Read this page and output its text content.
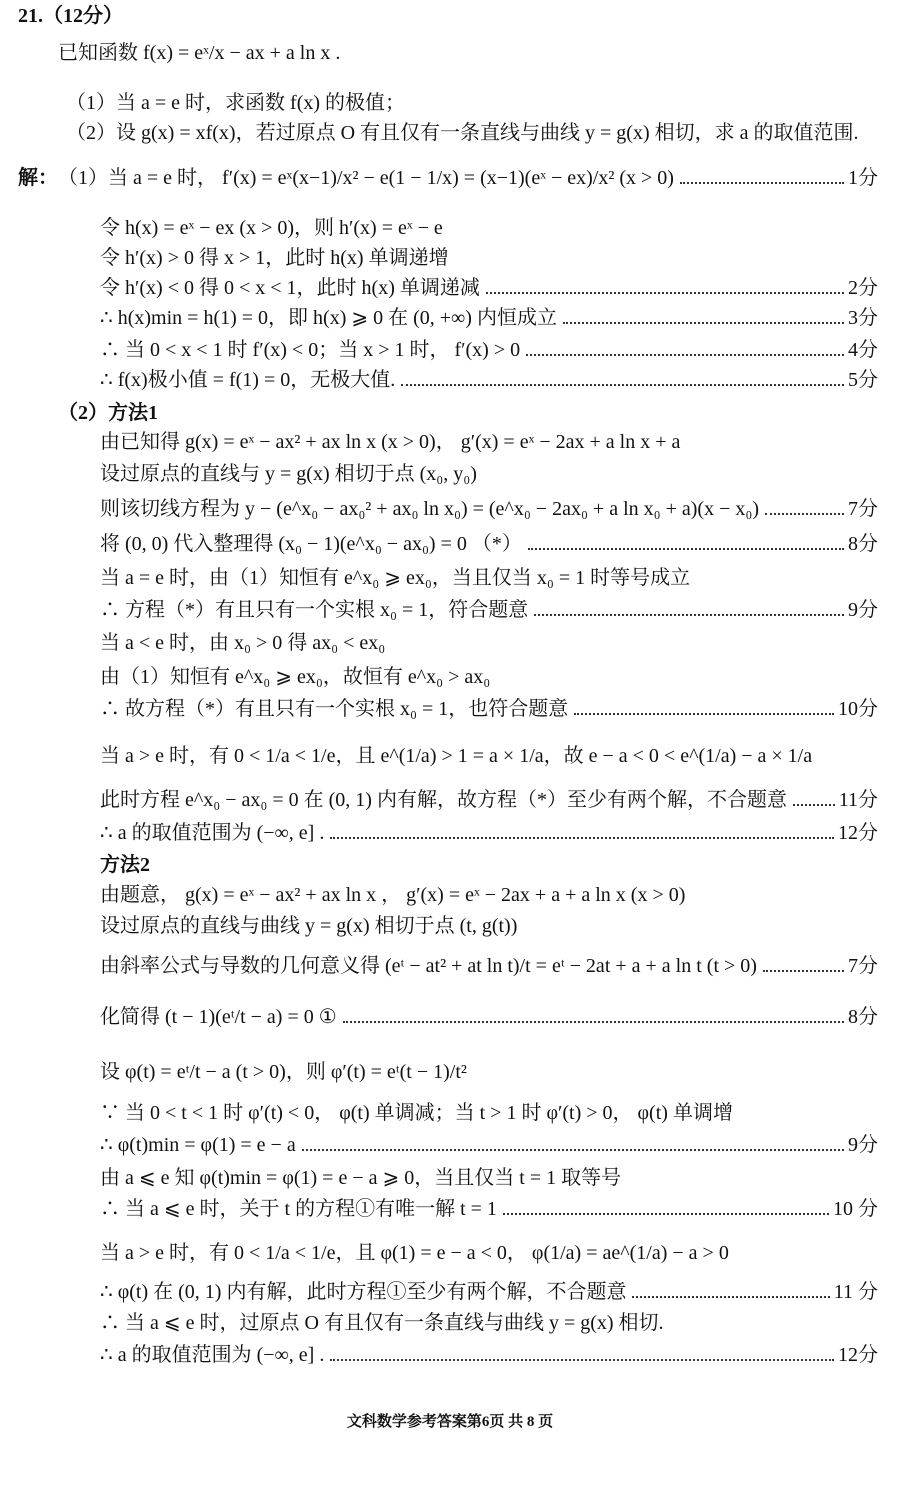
21.（12分）
已知函数 f(x) = eˣ/x − ax + a ln x .
（1）当 a = e 时，求函数 f(x) 的极值；
（2）设 g(x) = xf(x)，若过原点 O 有且仅有一条直线与曲线 y = g(x) 相切，求 a 的取值范围.
解： （1）当 a = e 时， f′(x) = eˣ(x−1)/x² − e(1 − 1/x) = (x−1)(eˣ − ex)/x² (x > 0)	1分
令 h(x) = eˣ − ex (x > 0)，则 h′(x) = eˣ − e
令 h′(x) > 0 得 x > 1，此时 h(x) 单调递增
令 h′(x) < 0 得 0 < x < 1，此时 h(x) 单调递减	2分
∴ h(x)min = h(1) = 0，即 h(x) ⩾ 0 在 (0, +∞) 内恒成立	3分
∴ 当 0 < x < 1 时 f′(x) < 0；当 x > 1 时， f′(x) > 0	4分
∴ f(x)极小值 = f(1) = 0，无极大值.	5分
（2）方法1
由已知得 g(x) = eˣ − ax² + ax ln x (x > 0)， g′(x) = eˣ − 2ax + a ln x + a
设过原点的直线与 y = g(x) 相切于点 (x₀, y₀)
则该切线方程为 y − (e^x₀ − ax₀² + ax₀ ln x₀) = (e^x₀ − 2ax₀ + a ln x₀ + a)(x − x₀)	7分
将 (0, 0) 代入整理得 (x₀ − 1)(e^x₀ − ax₀) = 0 （*）	8分
当 a = e 时，由（1）知恒有 e^x₀ ⩾ ex₀，当且仅当 x₀ = 1 时等号成立
∴ 方程（*）有且只有一个实根 x₀ = 1，符合题意	9分
当 a < e 时，由 x₀ > 0 得 ax₀ < ex₀
由（1）知恒有 e^x₀ ⩾ ex₀，故恒有 e^x₀ > ax₀
∴ 故方程（*）有且只有一个实根 x₀ = 1，也符合题意	10分
当 a > e 时，有 0 < 1/a < 1/e，且 e^(1/a) > 1 = a × 1/a，故 e − a < 0 < e^(1/a) − a × 1/a
此时方程 e^x₀ − ax₀ = 0 在 (0, 1) 内有解，故方程（*）至少有两个解，不合题意	11分
∴ a 的取值范围为 (−∞, e] .	12分
方法2
由题意， g(x) = eˣ − ax² + ax ln x ， g′(x) = eˣ − 2ax + a + a ln x (x > 0)
设过原点的直线与曲线 y = g(x) 相切于点 (t, g(t))
由斜率公式与导数的几何意义得 (eᵗ − at² + at ln t)/t = eᵗ − 2at + a + a ln t (t > 0)	7分
化简得 (t − 1)(eᵗ/t − a) = 0 ①	8分
设 φ(t) = eᵗ/t − a (t > 0)，则 φ′(t) = eᵗ(t − 1)/t²
∵ 当 0 < t < 1 时 φ′(t) < 0， φ(t) 单调减；当 t > 1 时 φ′(t) > 0， φ(t) 单调增
∴ φ(t)min = φ(1) = e − a	9分
由 a ⩽ e 知 φ(t)min = φ(1) = e − a ⩾ 0，当且仅当 t = 1 取等号
∴ 当 a ⩽ e 时，关于 t 的方程①有唯一解 t = 1	10 分
当 a > e 时，有 0 < 1/a < 1/e，且 φ(1) = e − a < 0， φ(1/a) = ae^(1/a) − a > 0
∴ φ(t) 在 (0, 1) 内有解，此时方程①至少有两个解，不合题意	11 分
∴ 当 a ⩽ e 时，过原点 O 有且仅有一条直线与曲线 y = g(x) 相切.
∴ a 的取值范围为 (−∞, e] .	12分
文科数学参考答案第6页 共 8 页
